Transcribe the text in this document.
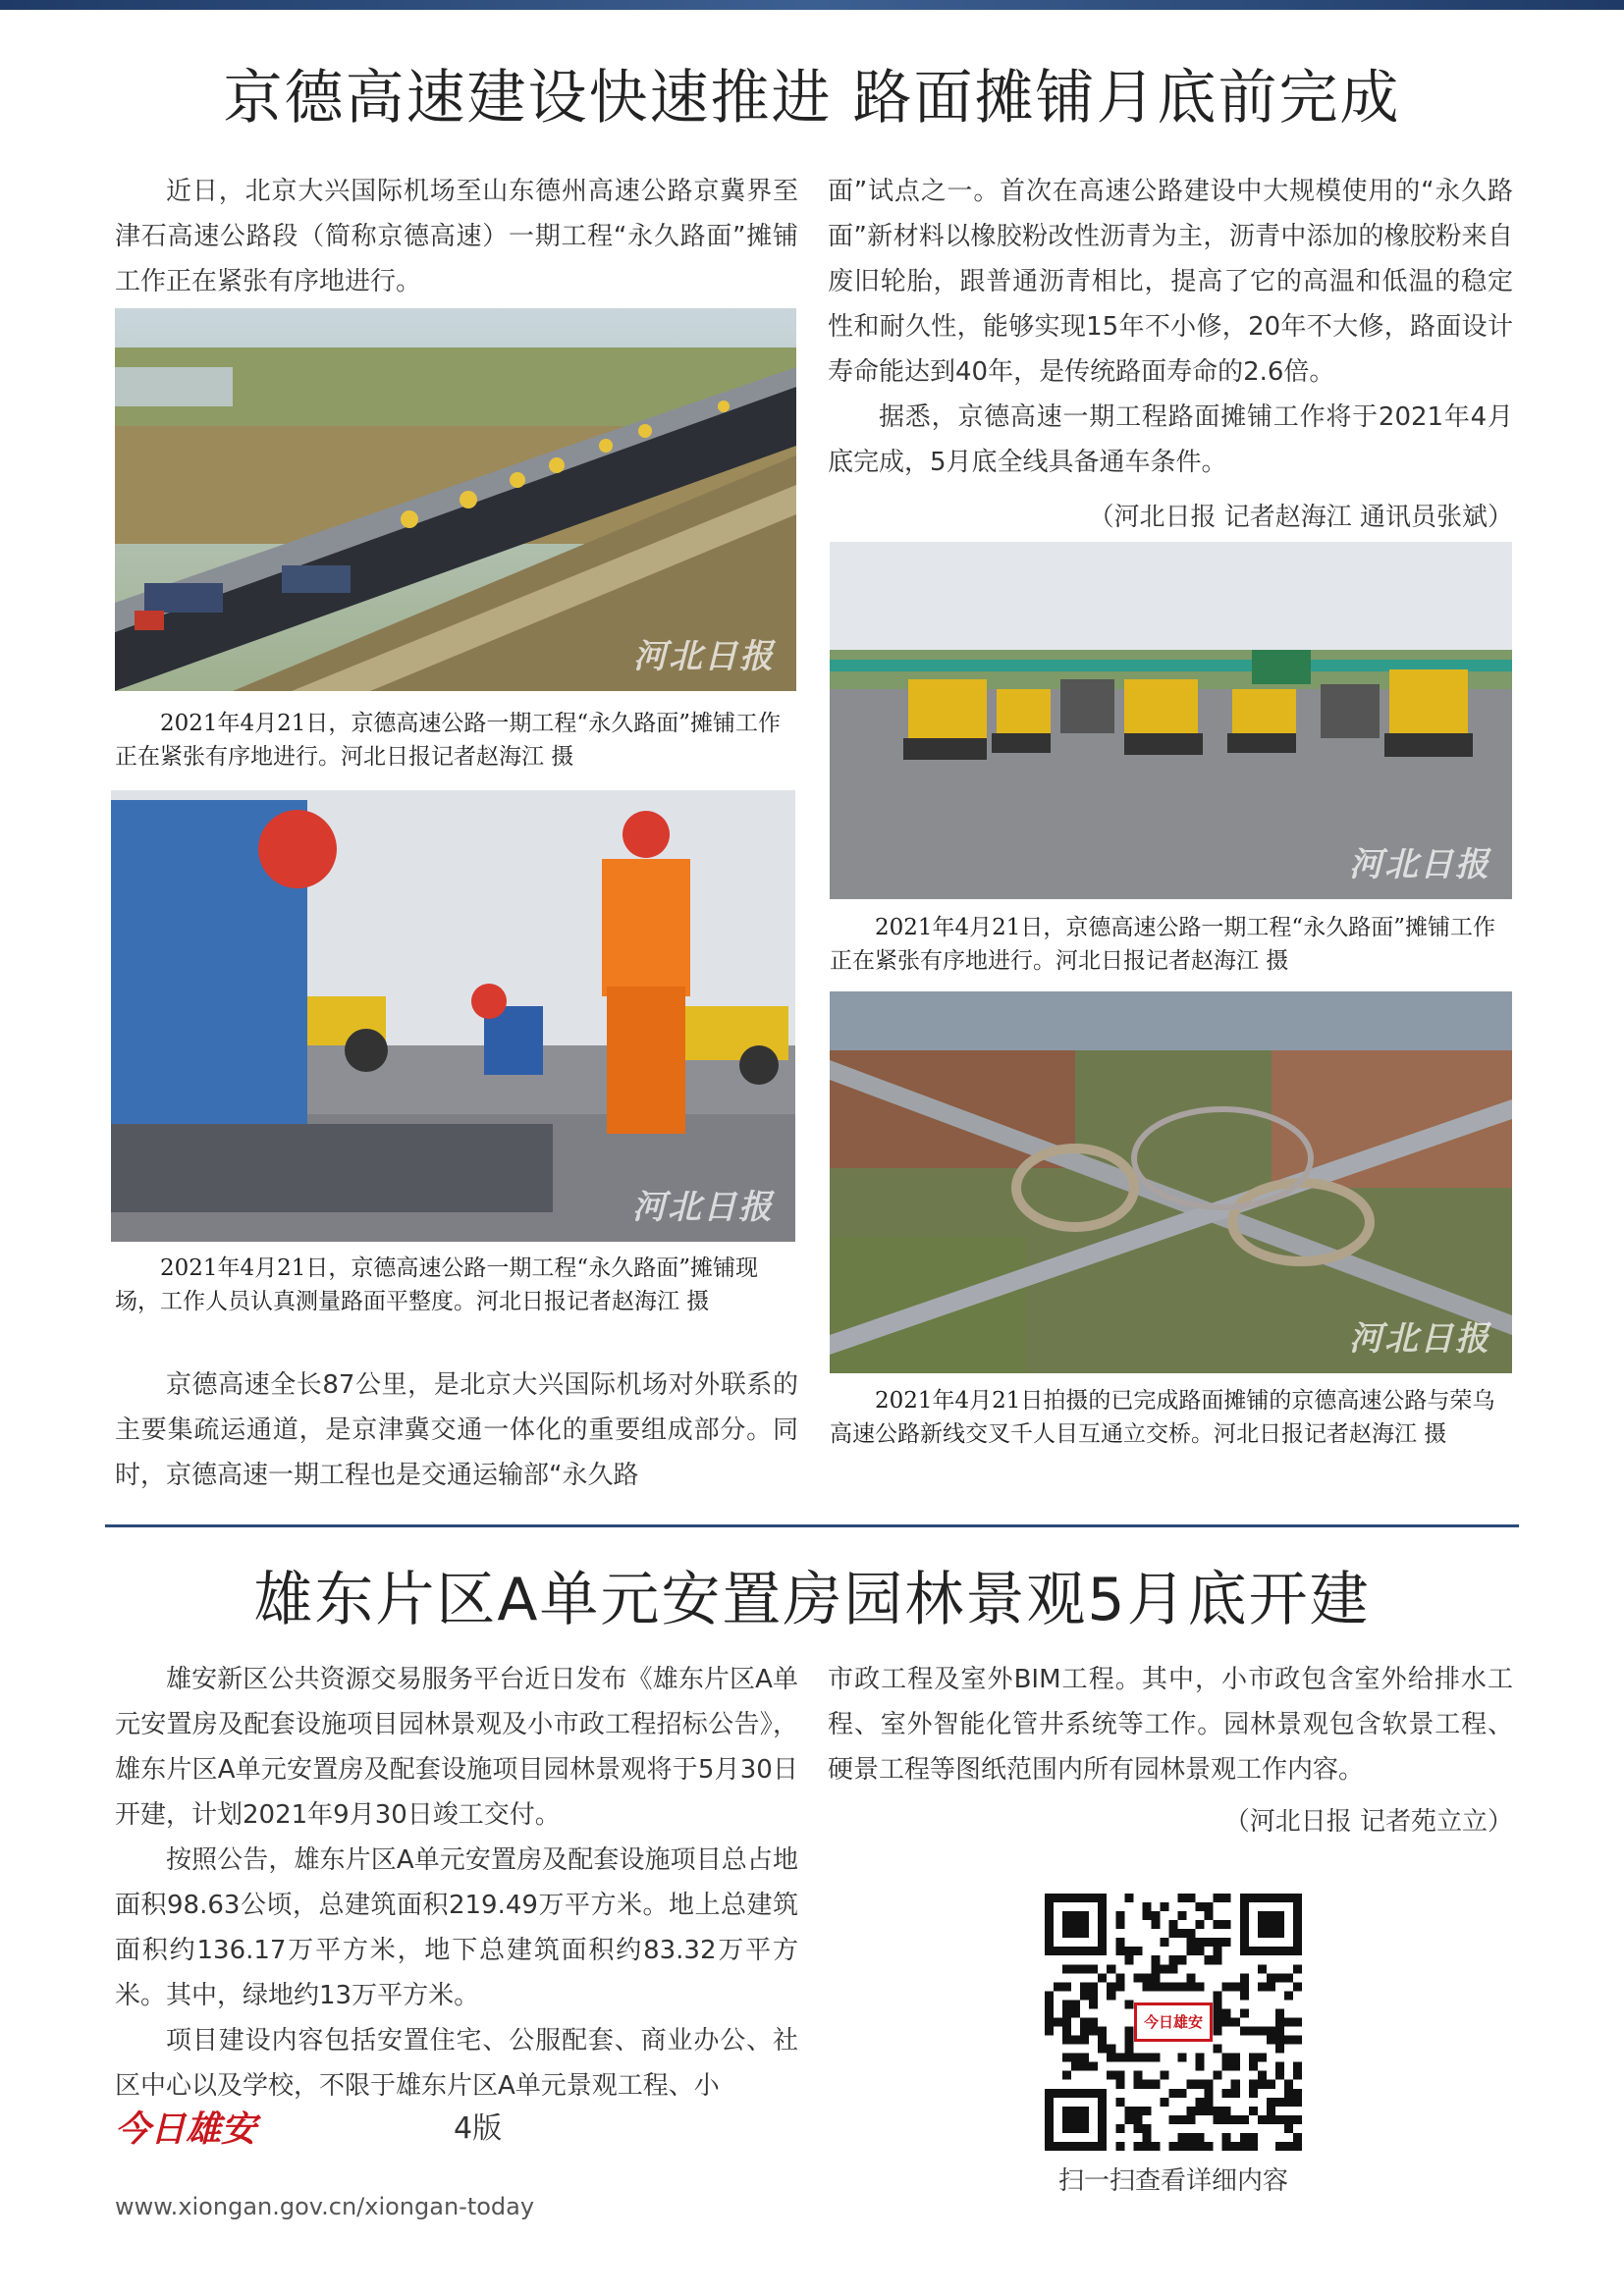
京德高速建设快速推进 路面摊铺月底前完成

近日，北京大兴国际机场至山东德州高速公路京冀界至津石高速公路段（简称京德高速）一期工程“永久路面”摊铺工作正在紧张有序地进行。

河北日报
2021年4月21日，京德高速公路一期工程“永久路面”摊铺工作正在紧张有序地进行。河北日报记者赵海江 摄
河北日报
2021年4月21日，京德高速公路一期工程“永久路面”摊铺现场，工作人员认真测量路面平整度。河北日报记者赵海江 摄

京德高速全长87公里，是北京大兴国际机场对外联系的主要集疏运通道，是京津冀交通一体化的重要组成部分。同时，京德高速一期工程也是交通运输部“永久路

面”试点之一。首次在高速公路建设中大规模使用的“永久路面”新材料以橡胶粉改性沥青为主，沥青中添加的橡胶粉来自废旧轮胎，跟普通沥青相比，提高了它的高温和低温的稳定性和耐久性，能够实现15年不小修，20年不大修，路面设计寿命能达到40年，是传统路面寿命的2.6倍。

据悉，京德高速一期工程路面摊铺工作将于2021年4月底完成，5月底全线具备通车条件。

（河北日报 记者赵海江 通讯员张斌）
河北日报
2021年4月21日，京德高速公路一期工程“永久路面”摊铺工作正在紧张有序地进行。河北日报记者赵海江 摄
河北日报
2021年4月21日拍摄的已完成路面摊铺的京德高速公路与荣乌高速公路新线交叉千人目互通立交桥。河北日报记者赵海江 摄
雄东片区A单元安置房园林景观5月底开建

雄安新区公共资源交易服务平台近日发布《雄东片区A单元安置房及配套设施项目园林景观及小市政工程招标公告》，雄东片区A单元安置房及配套设施项目园林景观将于5月30日开建，计划2021年9月30日竣工交付。

按照公告，雄东片区A单元安置房及配套设施项目总占地面积98.63公顷，总建筑面积219.49万平方米。地上总建筑面积约136.17万平方米，地下总建筑面积约83.32万平方米。其中，绿地约13万平方米。

项目建设内容包括安置住宅、公服配套、商业办公、社区中心以及学校，不限于雄东片区A单元景观工程、小

市政工程及室外BIM工程。其中，小市政包含室外给排水工程、室外智能化管井系统等工作。园林景观包含软景工程、硬景工程等图纸范围内所有园林景观工作内容。

（河北日报 记者苑立立）
今日雄安
扫一扫查看详细内容
今日雄安	4版
www.xiongan.gov.cn/xiongan-today
